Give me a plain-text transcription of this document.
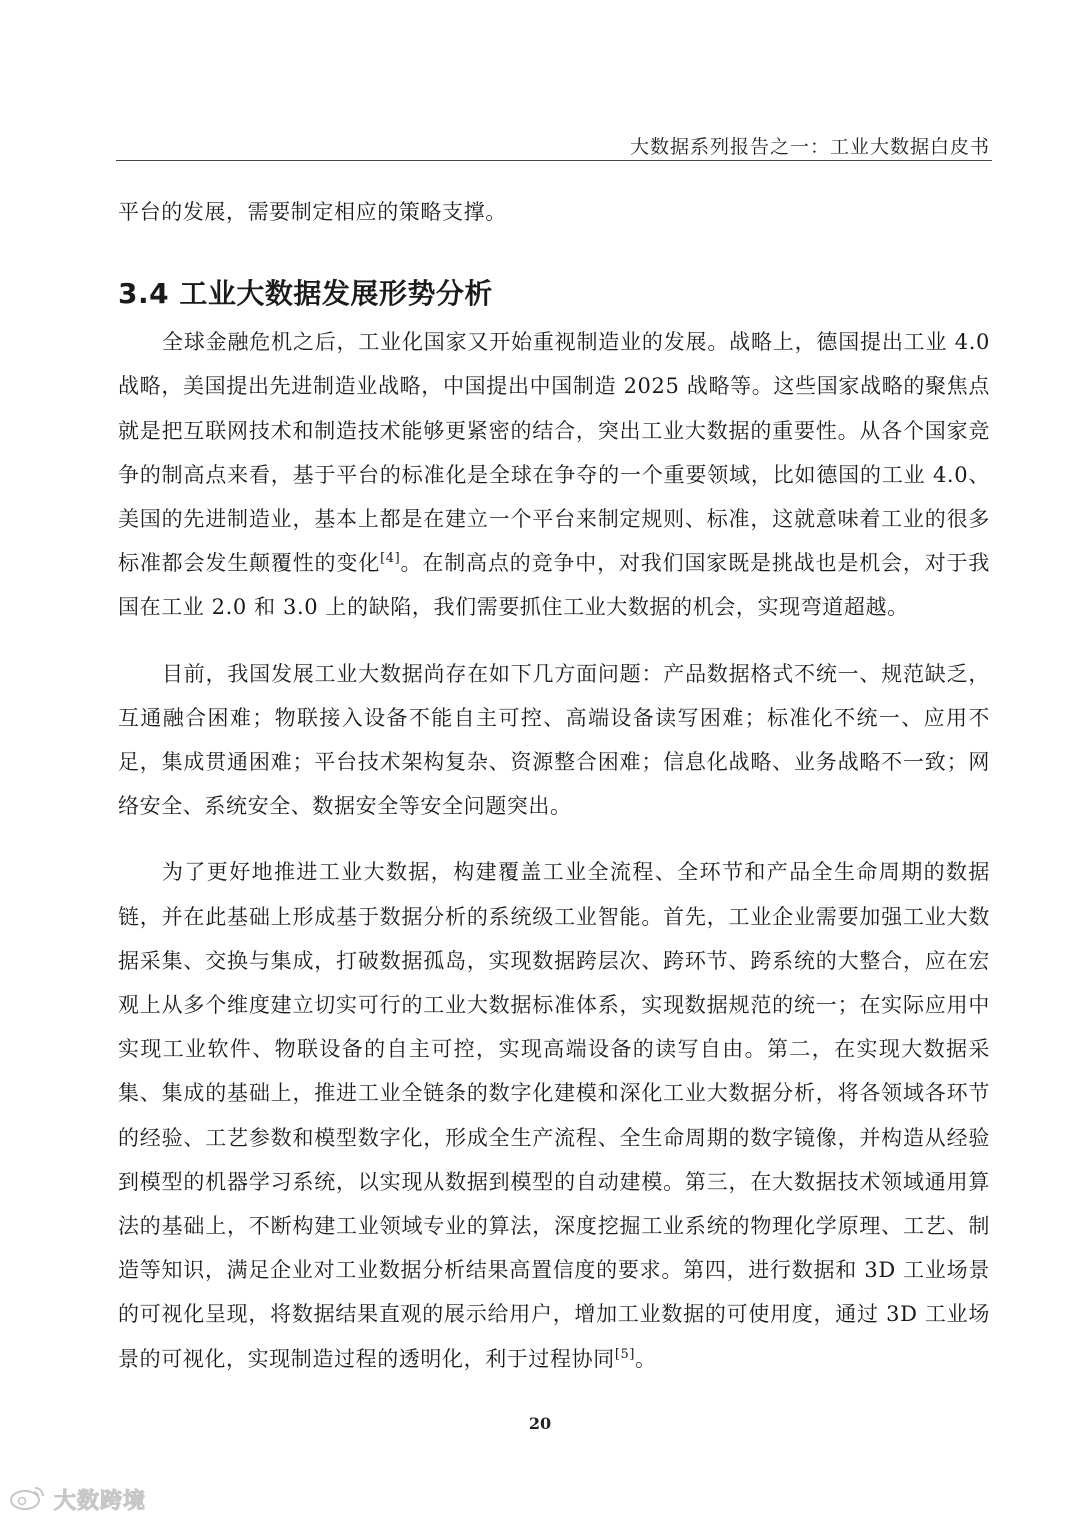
大数据系列报告之一：工业大数据白皮书

平台的发展，需要制定相应的策略支撑。

3.4 工业大数据发展形势分析

全球金融危机之后，工业化国家又开始重视制造业的发展。战略上，德国提出工业 4.0 战略，美国提出先进制造业战略，中国提出中国制造 2025 战略等。这些国家战略的聚焦点就是把互联网技术和制造技术能够更紧密的结合，突出工业大数据的重要性。从各个国家竞争的制高点来看，基于平台的标准化是全球在争夺的一个重要领域，比如德国的工业 4.0、美国的先进制造业，基本上都是在建立一个平台来制定规则、标准，这就意味着工业的很多标准都会发生颠覆性的变化[4]。在制高点的竞争中，对我们国家既是挑战也是机会，对于我国在工业 2.0 和 3.0 上的缺陷，我们需要抓住工业大数据的机会，实现弯道超越。

目前，我国发展工业大数据尚存在如下几方面问题：产品数据格式不统一、规范缺乏，互通融合困难；物联接入设备不能自主可控、高端设备读写困难；标准化不统一、应用不足，集成贯通困难；平台技术架构复杂、资源整合困难；信息化战略、业务战略不一致；网络安全、系统安全、数据安全等安全问题突出。

为了更好地推进工业大数据，构建覆盖工业全流程、全环节和产品全生命周期的数据链，并在此基础上形成基于数据分析的系统级工业智能。首先，工业企业需要加强工业大数据采集、交换与集成，打破数据孤岛，实现数据跨层次、跨环节、跨系统的大整合，应在宏观上从多个维度建立切实可行的工业大数据标准体系，实现数据规范的统一；在实际应用中实现工业软件、物联设备的自主可控，实现高端设备的读写自由。第二，在实现大数据采集、集成的基础上，推进工业全链条的数字化建模和深化工业大数据分析，将各领域各环节的经验、工艺参数和模型数字化，形成全生产流程、全生命周期的数字镜像，并构造从经验到模型的机器学习系统，以实现从数据到模型的自动建模。第三，在大数据技术领域通用算法的基础上，不断构建工业领域专业的算法，深度挖掘工业系统的物理化学原理、工艺、制造等知识，满足企业对工业数据分析结果高置信度的要求。第四，进行数据和 3D 工业场景的可视化呈现，将数据结果直观的展示给用户，增加工业数据的可使用度，通过 3D 工业场景的可视化，实现制造过程的透明化，利于过程协同[5]。

20
大数跨境
